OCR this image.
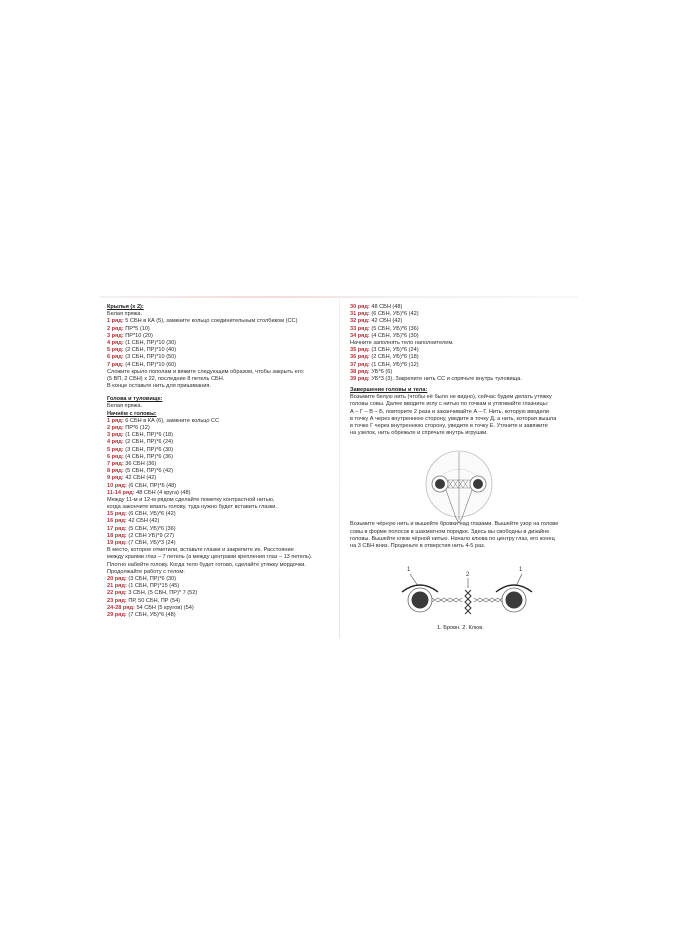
Крылья (х 2):
Белая пряжа.
1 ряд: 5 СБН в КА (5), замкните кольцо соединительным столбиком (СС)
2 ряд: ПР*5 (10)
3 ряд: ПР*10 (20)
4 ряд: (1 СБН, ПР)*10 (30)
5 ряд: (2 СБН, ПР)*10 (40)
6 ряд: (3 СБН, ПР)*10 (50)
7 ряд: (4 СБН, ПР)*10 (60)
Сложите крыло пополам и вяжите следующим образом, чтобы закрыть его:
(5 ВП, 2 СБН) х 22, последние 8 петель СБН.
В конце оставьте нить для пришивания.
Голова и туловище:
Белая пряжа.
Начнём с головы:
1 ряд: 6 СБН в КА (6), замкните кольцо СС
2 ряд: ПР*6 (12)
3 ряд: (1 СБН, ПР)*6 (18)
4 ряд: (2 СБН, ПР)*6 (24)
5 ряд: (3 СБН, ПР)*6 (30)
6 ряд: (4 СБН, ПР)*6 (36)
7 ряд: 36 СБН (36)
8 ряд: (5 СБН, ПР)*6 (42)
9 ряд: 42 СБН (42)
10 ряд: (6 СБН, ПР)*6 (48)
11-14 ряд: 48 СБН (4 круга) (48)
Между 11-м и 12-м рядом сделайте пометку контрастной нитью,
когда закончите вязать голову, туда нужно будет вставить глазки.
15 ряд: (6 СБН, УБ)*6 (42)
16 ряд: 42 СБН (42)
17 ряд: (5 СБН, УБ)*6 (36)
18 ряд: (2 СБН УБ)*9 (27)
19 ряд: (7 СБН, УБ)*3 (24)
В место, которое отметили, вставьте глазки и закрепите их. Расстояние
между краями глаз – 7 петель (а между центрами крепления глаз – 13 петель).
Плотно набейте голову. Когда тело будет готово, сделайте утяжку мордочки.
Продолжайте работу с телом:
20 ряд: (3 СБН, ПР)*6 (30)
21 ряд: (1 СБН, ПР)*15 (45)
22 ряд: 3 СБН, (5 СБН, ПР)* 7 (52)
23 ряд: ПР, 50 СБН, ПР (54)
24-28 ряд: 54 СБН (5 кругов) (54)
29 ряд: (7 СБН, УБ)*6 (48)
30 ряд: 48 СБН (48)
31 ряд: (6 СБН, УБ)*6 (42)
32 ряд: 42 СБН (42)
33 ряд: (5 СБН, УБ)*6 (36)
34 ряд: (4 СБН, УБ)*6 (30)
Начните заполнять тело наполнителем.
35 ряд: (3 СБН, УБ)*6 (24)
36 ряд: (2 СБН, УБ)*6 (18)
37 ряд: (1 СБН, УБ)*6 (12)
38 ряд: УБ*6 (6)
39 ряд: УБ*3 (3). Закрепите нить СС и спрячьте внутрь туловища.
Завершение головы и тела:
Возьмите белую нить (чтобы её было не видно), сейчас будем делать утяжку
головы совы. Далее вводите иглу с нитью по точкам и утягивайте глазницы:
А – Г – В – Б, повторите 2 раза и заканчивайте А – Г. Нить, которую вводили
в точку А через внутреннюю сторону, уведите в точку Д, а нить, которая вышла
в точке Г через внутреннюю сторону, уведите в точку Е. Утяните и завяжите
на узелок, нить обрежьте и спрячьте внутрь игрушки.
Возьмите чёрную нить и вышейте бровки над глазами. Вышейте узор на голове
совы в форме полосок в шахматном порядке. Здесь вы свободны в дизайне
головы. Вышейте клюв чёрной нитью. Начало клюва по центру глаз, его конец
на 3 СБН вниз. Проденьте в отверстия нить 4-5 раз.
1
2
1
1. Бровн. 2. Клюв.
